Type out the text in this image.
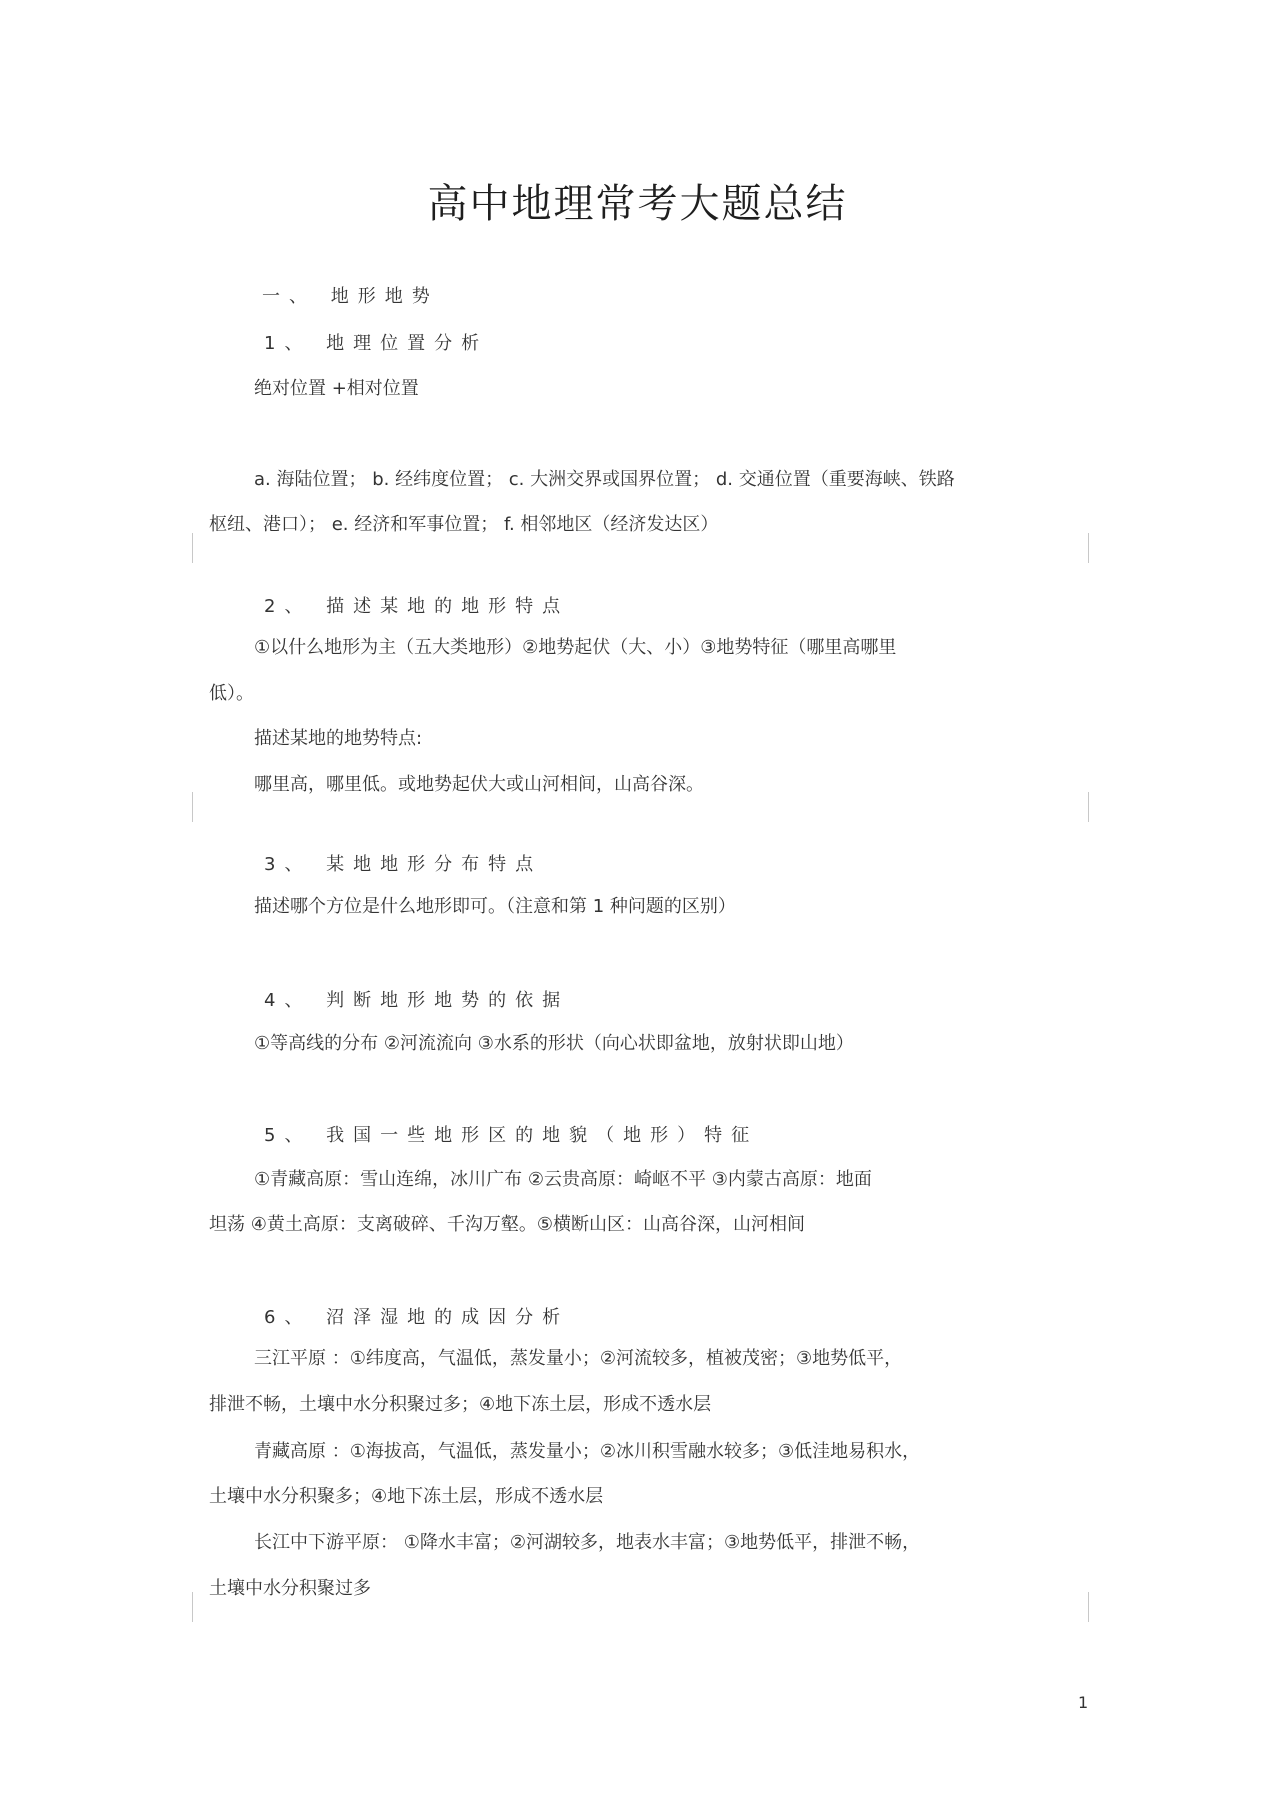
高中地理常考大题总结
一、 地形地势
1、 地理位置分析
绝对位置 +相对位置
a. 海陆位置； b. 经纬度位置； c. 大洲交界或国界位置； d. 交通位置（重要海峡、铁路
枢纽、港口）； e. 经济和军事位置； f. 相邻地区（经济发达区）
2、 描述某地的地形特点
①以什么地形为主（五大类地形）②地势起伏（大、小）③地势特征（哪里高哪里
低）。
描述某地的地势特点:
哪里高，哪里低。或地势起伏大或山河相间，山高谷深。
3、 某地地形分布特点
描述哪个方位是什么地形即可。（注意和第 1 种问题的区别）
4、 判断地形地势的依据
①等高线的分布 ②河流流向 ③水系的形状（向心状即盆地，放射状即山地）
5、 我国一些地形区的地貌（地形）特征
①青藏高原：雪山连绵，冰川广布 ②云贵高原：崎岖不平 ③内蒙古高原：地面
坦荡 ④黄土高原：支离破碎、千沟万壑。⑤横断山区：山高谷深，山河相间
6、 沼泽湿地的成因分析
三江平原 ：①纬度高，气温低，蒸发量小；②河流较多，植被茂密；③地势低平，
排泄不畅，土壤中水分积聚过多；④地下冻土层，形成不透水层
青藏高原 ：①海拔高，气温低，蒸发量小；②冰川积雪融水较多；③低洼地易积水，
土壤中水分积聚多；④地下冻土层，形成不透水层
长江中下游平原： ①降水丰富；②河湖较多，地表水丰富；③地势低平，排泄不畅，
土壤中水分积聚过多
1
